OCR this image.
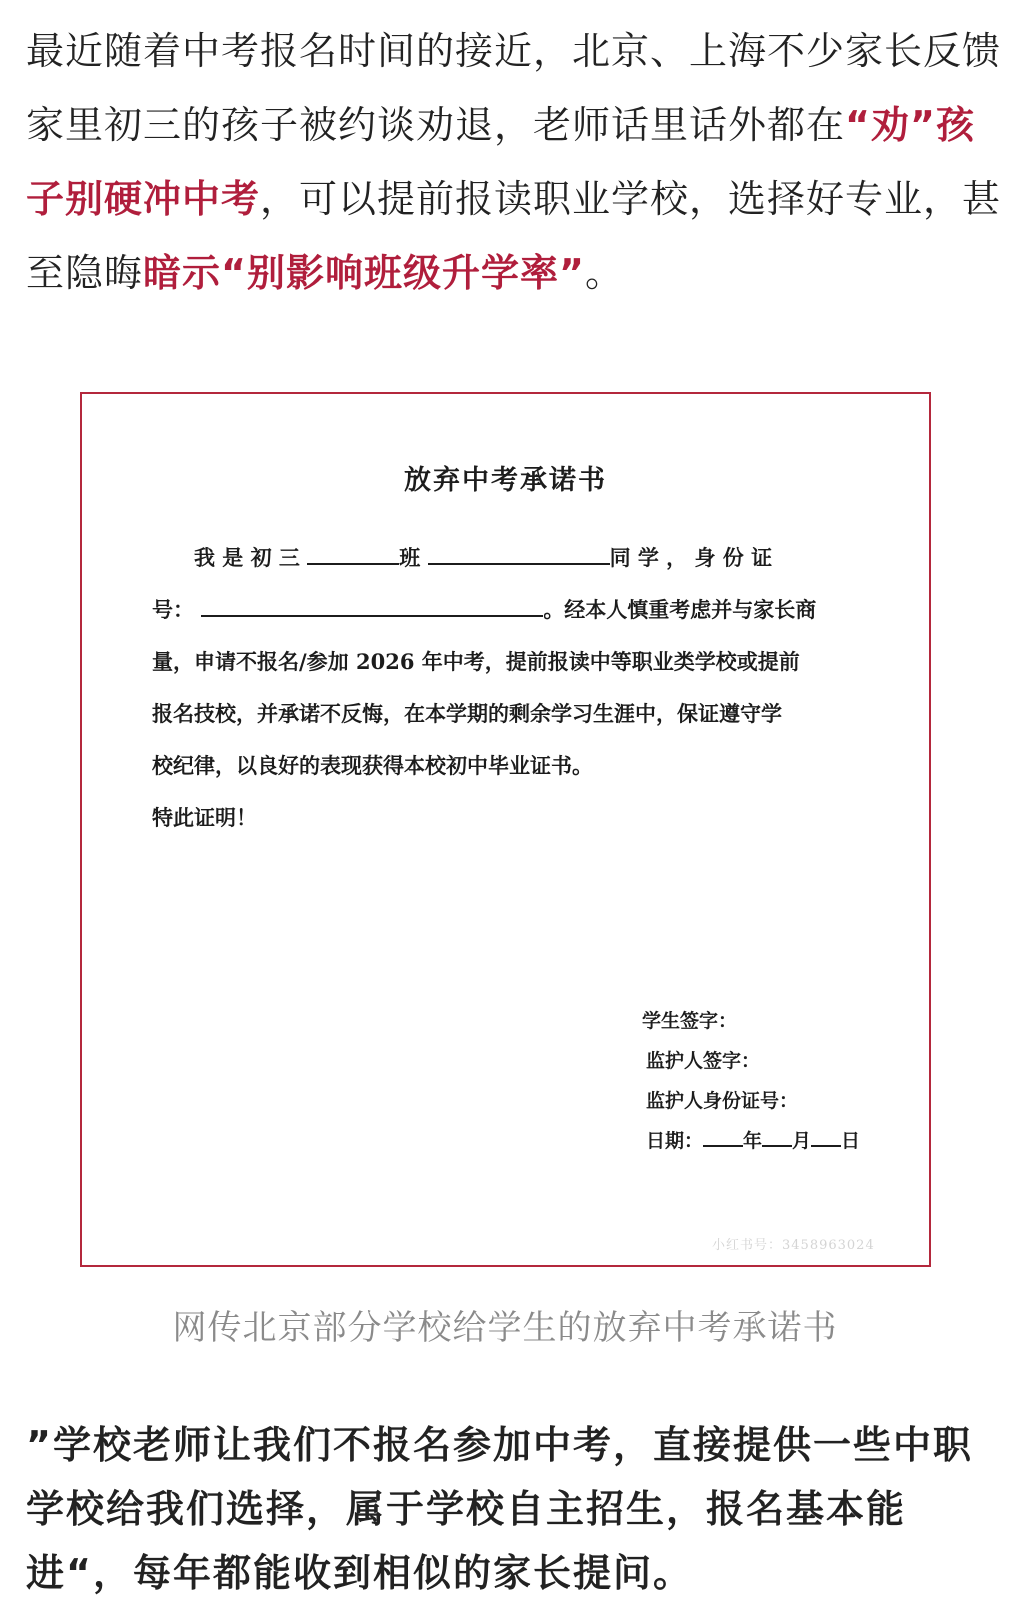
最近随着中考报名时间的接近，北京、上海不少家长反馈家里初三的孩子被约谈劝退，老师话里话外都在“劝”孩子别硬冲中考，可以提前报读职业学校，选择好专业，甚至隐晦暗示“别影响班级升学率”。

放弃中考承诺书
我 是 初 三	班	同 学 ， 身 份 证
号：	。经本人慎重考虑并与家长商
量，申请不报名/参加 2026 年中考，提前报读中等职业类学校或提前
报名技校，并承诺不反悔，在本学期的剩余学习生涯中，保证遵守学
校纪律，以良好的表现获得本校初中毕业证书。
特此证明！
学生签字：
监护人签字：
监护人身份证号：
日期： 年 月 日
小红书号：3458963024
网传北京部分学校给学生的放弃中考承诺书

”学校老师让我们不报名参加中考，直接提供一些中职学校给我们选择，属于学校自主招生，报名基本能进“，每年都能收到相似的家长提问。
